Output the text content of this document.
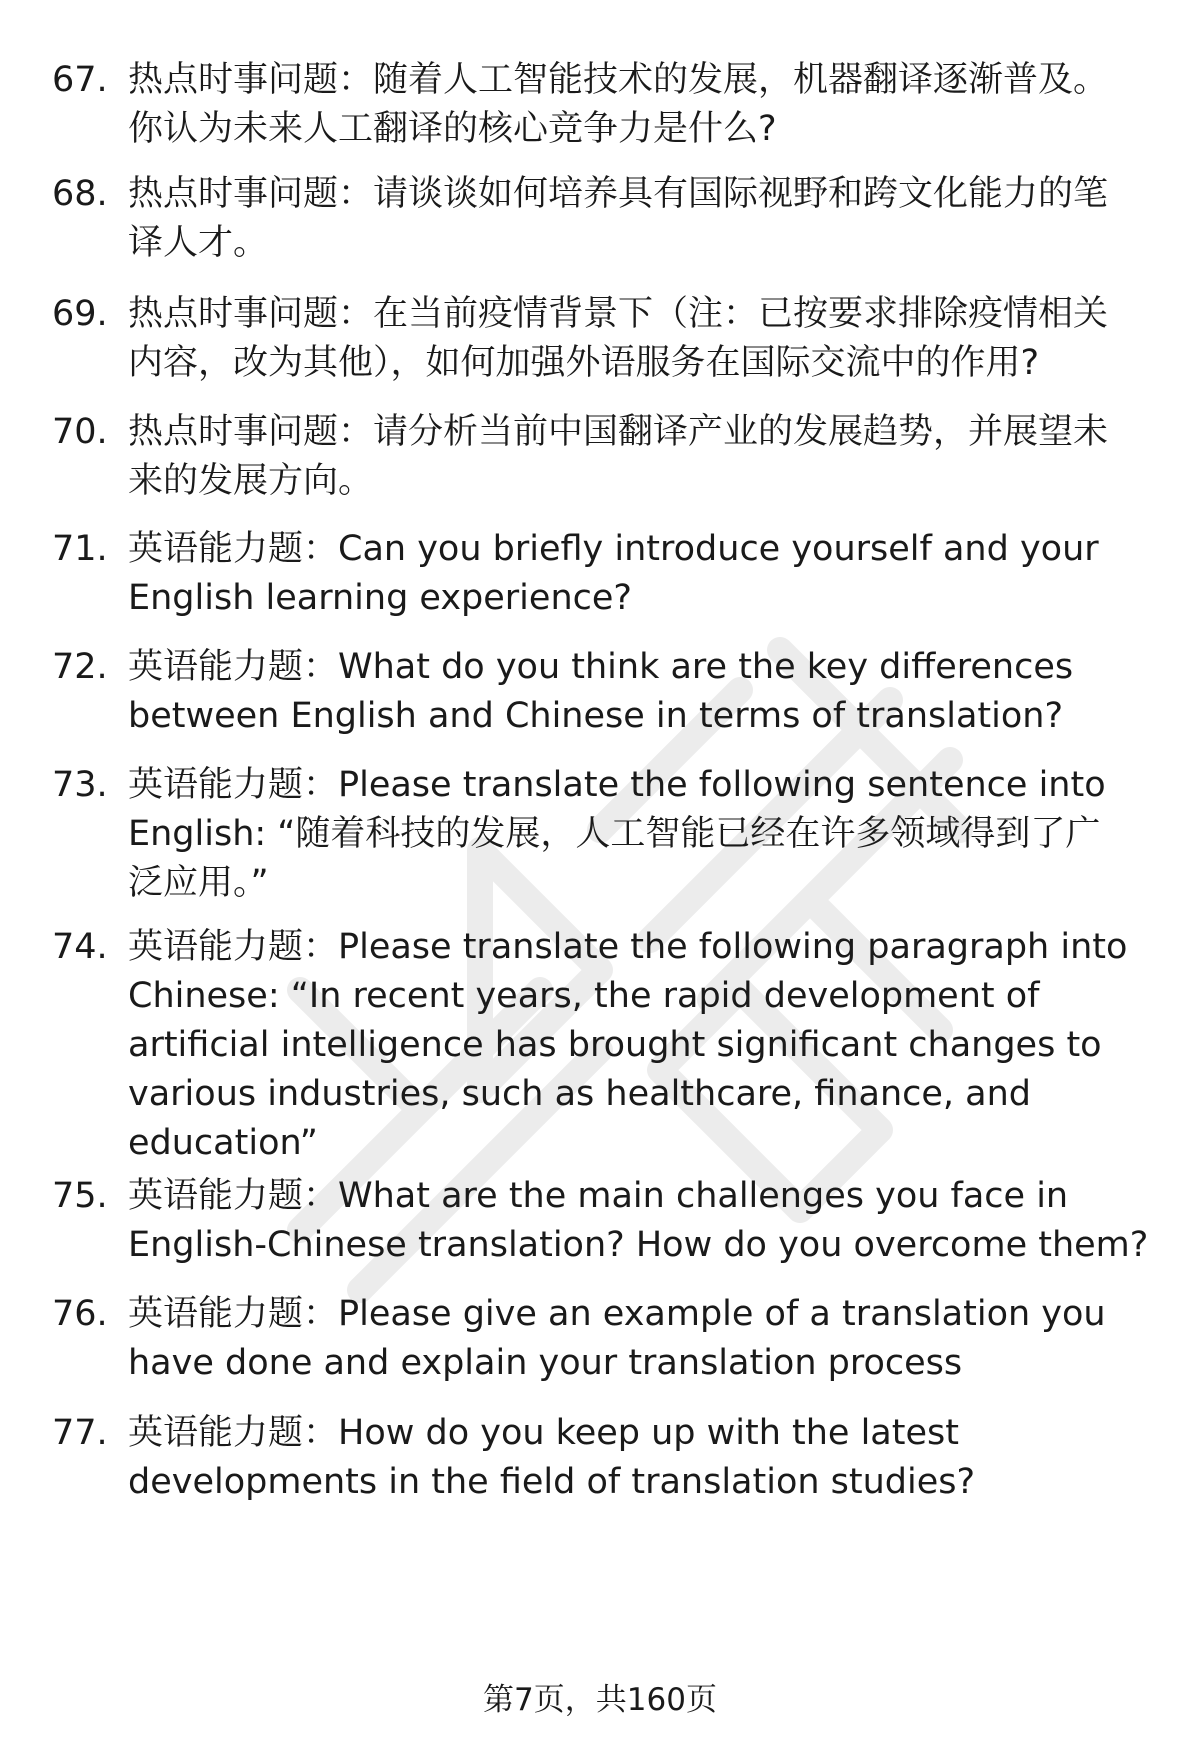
67. 热点时事问题：随着人工智能技术的发展，机器翻译逐渐普及。
你认为未来人工翻译的核心竞争力是什么?
68. 热点时事问题：请谈谈如何培养具有国际视野和跨文化能力的笔
译人才。
69. 热点时事问题：在当前疫情背景下（注：已按要求排除疫情相关
内容，改为其他），如何加强外语服务在国际交流中的作用?
70. 热点时事问题：请分析当前中国翻译产业的发展趋势，并展望未
来的发展方向。
71. 英语能力题：Can you briefly introduce yourself and your
English learning experience?
72. 英语能力题：What do you think are the key differences
between English and Chinese in terms of translation?
73. 英语能力题：Please translate the following sentence into
English: “随着科技的发展，人工智能已经在许多领域得到了广
泛应用。”
74. 英语能力题：Please translate the following paragraph into
Chinese: “In recent years, the rapid development of
artificial intelligence has brought significant changes to
various industries, such as healthcare, finance, and
education”
75. 英语能力题：What are the main challenges you face in
English-Chinese translation? How do you overcome them?
76. 英语能力题：Please give an example of a translation you
have done and explain your translation process
77. 英语能力题：How do you keep up with the latest
developments in the field of translation studies?
第7页，共160页
